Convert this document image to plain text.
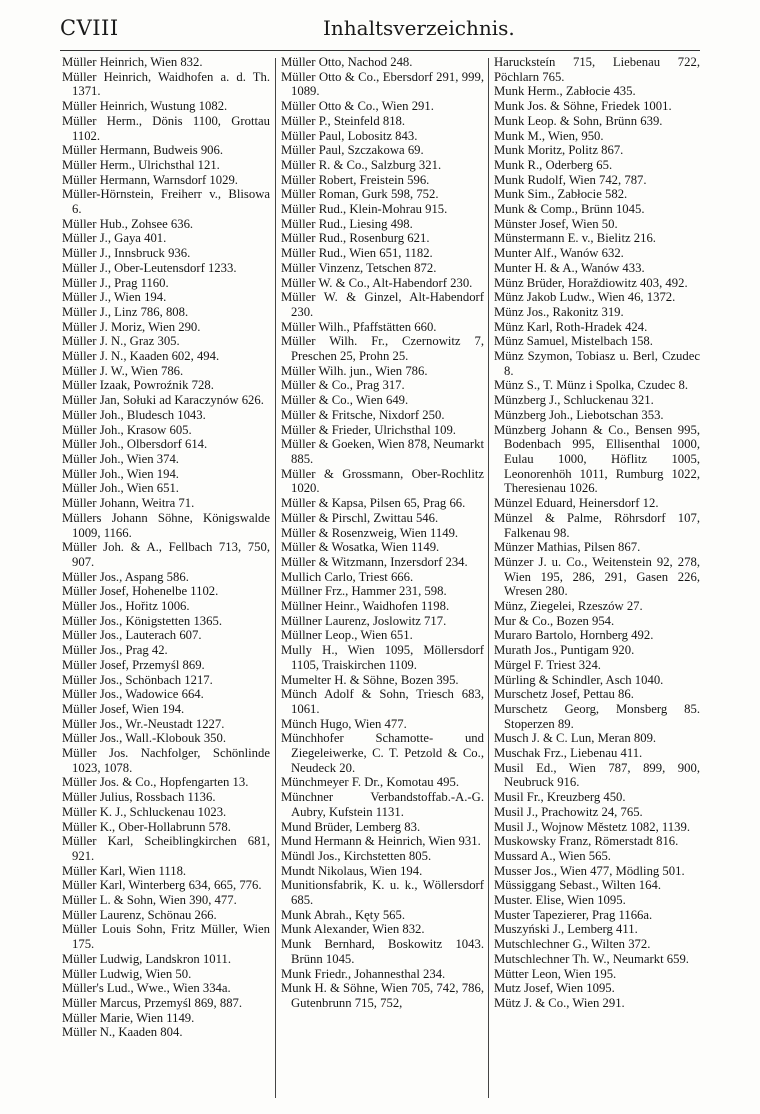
CVIII	Inhaltsverzeichnis.
Müller Heinrich, Wien 832.
Müller Heinrich, Waidhofen a. d. Th. 1371.
Müller Heinrich, Wustung 1082.
Müller Herm., Dönis 1100, Grottau 1102.
Müller Hermann, Budweis 906.
Müller Herm., Ulrichsthal 121.
Müller Hermann, Warnsdorf 1029.
Müller-Hörnstein, Freiherr v., Blisowa 6.
Müller Hub., Zohsee 636.
Müller J., Gaya 401.
Müller J., Innsbruck 936.
Müller J., Ober-Leutensdorf 1233.
Müller J., Prag 1160.
Müller J., Wien 194.
Müller J., Linz 786, 808.
Müller J. Moriz, Wien 290.
Müller J. N., Graz 305.
Müller J. N., Kaaden 602, 494.
Müller J. W., Wien 786.
Müller Izaak, Powroźnik 728.
Müller Jan, Sołuki ad Karaczynów 626.
Müller Joh., Bludesch 1043.
Müller Joh., Krasow 605.
Müller Joh., Olbersdorf 614.
Müller Joh., Wien 374.
Müller Joh., Wien 194.
Müller Joh., Wien 651.
Müller Johann, Weitra 71.
Müllers Johann Söhne, Königswalde 1009, 1166.
Müller Joh. & A., Fellbach 713, 750, 907.
Müller Jos., Aspang 586.
Müller Josef, Hohenelbe 1102.
Müller Jos., Hořitz 1006.
Müller Jos., Königstetten 1365.
Müller Jos., Lauterach 607.
Müller Jos., Prag 42.
Müller Josef, Przemyśl 869.
Müller Jos., Schönbach 1217.
Müller Jos., Wadowice 664.
Müller Josef, Wien 194.
Müller Jos., Wr.-Neustadt 1227.
Müller Jos., Wall.-Klobouk 350.
Müller Jos. Nachfolger, Schönlinde 1023, 1078.
Müller Jos. & Co., Hopfengarten 13.
Müller Julius, Rossbach 1136.
Müller K. J., Schluckenau 1023.
Müller K., Ober-Hollabrunn 578.
Müller Karl, Scheiblingkirchen 681, 921.
Müller Karl, Wien 1118.
Müller Karl, Winterberg 634, 665, 776.
Müller L. & Sohn, Wien 390, 477.
Müller Laurenz, Schönau 266.
Müller Louis Sohn, Fritz Müller, Wien 175.
Müller Ludwig, Landskron 1011.
Müller Ludwig, Wien 50.
Müller's Lud., Wwe., Wien 334a.
Müller Marcus, Przemyśl 869, 887.
Müller Marie, Wien 1149.
Müller N., Kaaden 804.
Müller Otto, Nachod 248.
Müller Otto & Co., Ebersdorf 291, 999, 1089.
Müller Otto & Co., Wien 291.
Müller P., Steinfeld 818.
Müller Paul, Lobositz 843.
Müller Paul, Szczakowa 69.
Müller R. & Co., Salzburg 321.
Müller Robert, Freistein 596.
Müller Roman, Gurk 598, 752.
Müller Rud., Klein-Mohrau 915.
Müller Rud., Liesing 498.
Müller Rud., Rosenburg 621.
Müller Rud., Wien 651, 1182.
Müller Vinzenz, Tetschen 872.
Müller W. & Co., Alt-Habendorf 230.
Müller W. & Ginzel, Alt-Habendorf 230.
Müller Wilh., Pfaffstätten 660.
Müller Wilh. Fr., Czernowitz 7, Preschen 25, Prohn 25.
Müller Wilh. jun., Wien 786.
Müller & Co., Prag 317.
Müller & Co., Wien 649.
Müller & Fritsche, Nixdorf 250.
Müller & Frieder, Ulrichsthal 109.
Müller & Goeken, Wien 878, Neumarkt 885.
Müller & Grossmann, Ober-Rochlitz 1020.
Müller & Kapsa, Pilsen 65, Prag 66.
Müller & Pirschl, Zwittau 546.
Müller & Rosenzweig, Wien 1149.
Müller & Wosatka, Wien 1149.
Müller & Witzmann, Inzersdorf 234.
Mullich Carlo, Triest 666.
Müllner Frz., Hammer 231, 598.
Müllner Heinr., Waidhofen 1198.
Müllner Laurenz, Joslowitz 717.
Müllner Leop., Wien 651.
Mully H., Wien 1095, Möllersdorf 1105, Traiskirchen 1109.
Mumelter H. & Söhne, Bozen 395.
Münch Adolf & Sohn, Triesch 683, 1061.
Münch Hugo, Wien 477.
Münchhofer Schamotte- und Ziegeleiwerke, C. T. Petzold & Co., Neudeck 20.
Münchmeyer F. Dr., Komotau 495.
Münchner Verbandstoffab.-A.-G. Aubry, Kufstein 1131.
Mund Brüder, Lemberg 83.
Mund Hermann & Heinrich, Wien 931.
Mündl Jos., Kirchstetten 805.
Mundt Nikolaus, Wien 194.
Munitionsfabrik, K. u. k., Wöllersdorf 685.
Munk Abrah., Kęty 565.
Munk Alexander, Wien 832.
Munk Bernhard, Boskowitz 1043. Brünn 1045.
Munk Friedr., Johannesthal 234.
Munk H. & Söhne, Wien 705, 742, 786, Gutenbrunn 715, 752,
Harucksteín 715, Liebenau 722, Pöchlarn 765.
Munk Herm., Zabłocie 435.
Munk Jos. & Söhne, Friedek 1001.
Munk Leop. & Sohn, Brünn 639.
Munk M., Wien, 950.
Munk Moritz, Politz 867.
Munk R., Oderberg 65.
Munk Rudolf, Wien 742, 787.
Munk Sim., Zabłocie 582.
Munk & Comp., Brünn 1045.
Münster Josef, Wien 50.
Münstermann E. v., Bielitz 216.
Munter Alf., Wanów 632.
Munter H. & A., Wanów 433.
Münz Brüder, Horaždiowitz 403, 492.
Münz Jakob Ludw., Wien 46, 1372.
Münz Jos., Rakonitz 319.
Münz Karl, Roth-Hradek 424.
Münz Samuel, Mistelbach 158.
Münz Szymon, Tobiasz u. Berl, Czudec 8.
Münz S., T. Münz i Spolka, Czudec 8.
Münzberg J., Schluckenau 321.
Münzberg Joh., Liebotschan 353.
Münzberg Johann & Co., Bensen 995, Bodenbach 995, Ellisenthal 1000, Eulau 1000, Höflitz 1005, Leonorenhöh 1011, Rumburg 1022, Theresienau 1026.
Münzel Eduard, Heinersdorf 12.
Münzel & Palme, Röhrsdorf 107, Falkenau 98.
Münzer Mathias, Pilsen 867.
Münzer J. u. Co., Weitenstein 92, 278, Wien 195, 286, 291, Gasen 226, Wresen 280.
Münz, Ziegelei, Rzeszów 27.
Mur & Co., Bozen 954.
Muraro Bartolo, Hornberg 492.
Murath Jos., Puntigam 920.
Mürgel F. Triest 324.
Mürling & Schindler, Asch 1040.
Murschetz Josef, Pettau 86.
Murschetz Georg, Monsberg 85. Stoperzen 89.
Musch J. & C. Lun, Meran 809.
Muschak Frz., Liebenau 411.
Musil Ed., Wien 787, 899, 900, Neubruck 916.
Musil Fr., Kreuzberg 450.
Musil J., Prachowitz 24, 765.
Musil J., Wojnow Městetz 1082, 1139.
Muskowsky Franz, Römerstadt 816.
Mussard A., Wien 565.
Musser Jos., Wien 477, Mödling 501.
Müssiggang Sebast., Wilten 164.
Muster. Elise, Wien 1095.
Muster Tapezierer, Prag 1166a.
Muszyński J., Lemberg 411.
Mutschlechner G., Wilten 372.
Mutschlechner Th. W., Neumarkt 659.
Mütter Leon, Wien 195.
Mutz Josef, Wien 1095.
Mütz J. & Co., Wien 291.
